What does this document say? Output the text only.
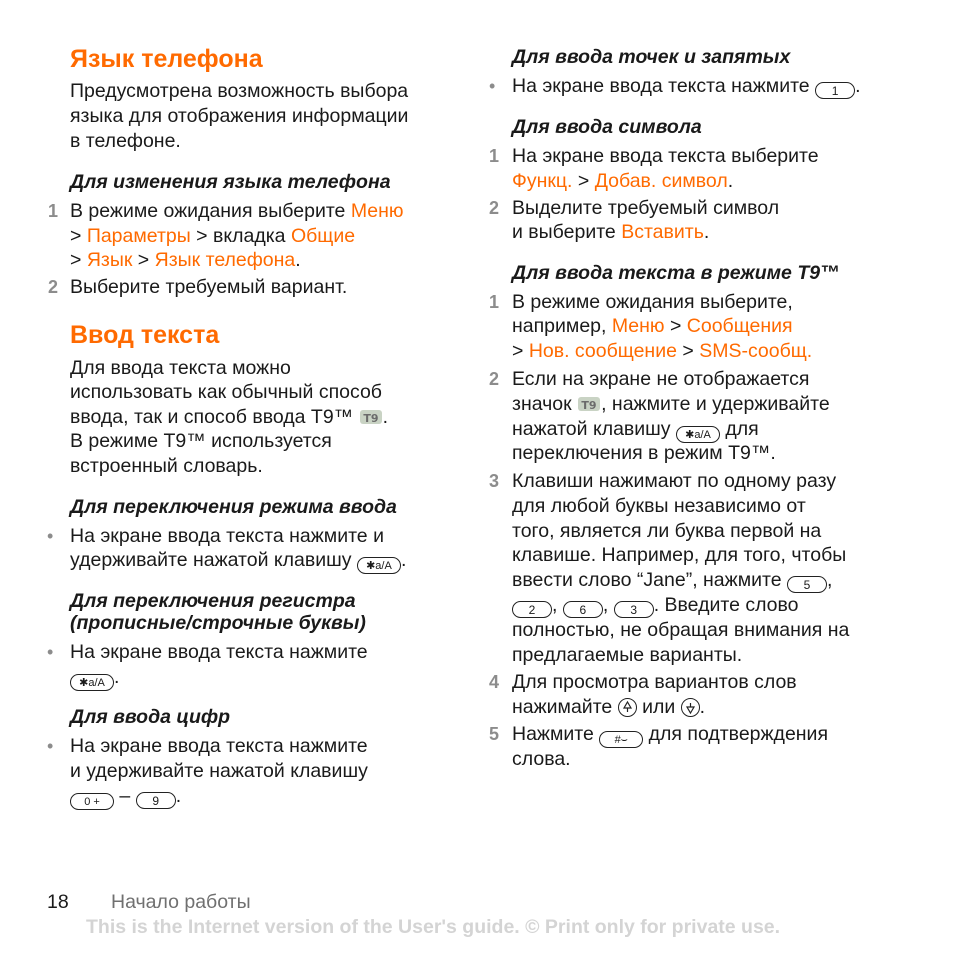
Язык телефона
Предусмотрена возможность выбора
языка для отображения информации
в телефоне.
Для изменения языка телефона
1 В режиме ожидания выберите Меню
> Параметры > вкладка Общие
> Язык > Язык телефона.
2 Выберите требуемый вариант.
Ввод текста
Для ввода текста можно
использовать как обычный способ
ввода, так и способ ввода T9™ T9 .
В режиме T9™ используется
встроенный словарь.
Для переключения режима ввода
• На экране ввода текста нажмите и
удерживайте нажатой клавишу ✱a/A .
Для переключения регистра
(прописные/строчные буквы)
• На экране ввода текста нажмите
✱a/A .
Для ввода цифр
• На экране ввода текста нажмите
и удерживайте нажатой клавишу
0 + – 9 .
Для ввода точек и запятых
• На экране ввода текста нажмите 1 .
Для ввода символа
1 На экране ввода текста выберите
Функц. > Добав. символ.
2 Выделите требуемый символ
и выберите Вставить.
Для ввода текста в режиме T9™
1 В режиме ожидания выберите,
например, Меню > Сообщения
> Нов. сообщение > SMS-сообщ.
2 Если на экране не отображается
значок T9 , нажмите и удерживайте
нажатой клавишу ✱a/A для
переключения в режим T9™.
3 Клавиши нажимают по одному разу
для любой буквы независимо от
того, является ли буква первой на
клавише. Например, для того, чтобы
ввести слово “Jane”, нажмите 5 ,
2 , 6 , 3 . Введите слово
полностью, не обращая внимания на
предлагаемые варианты.
4 Для просмотра вариантов слов
нажимайте
или
.
5 Нажмите #⌣ для подтверждения
слова.
18 Начало работы
This is the Internet version of the User's guide. © Print only for private use.
